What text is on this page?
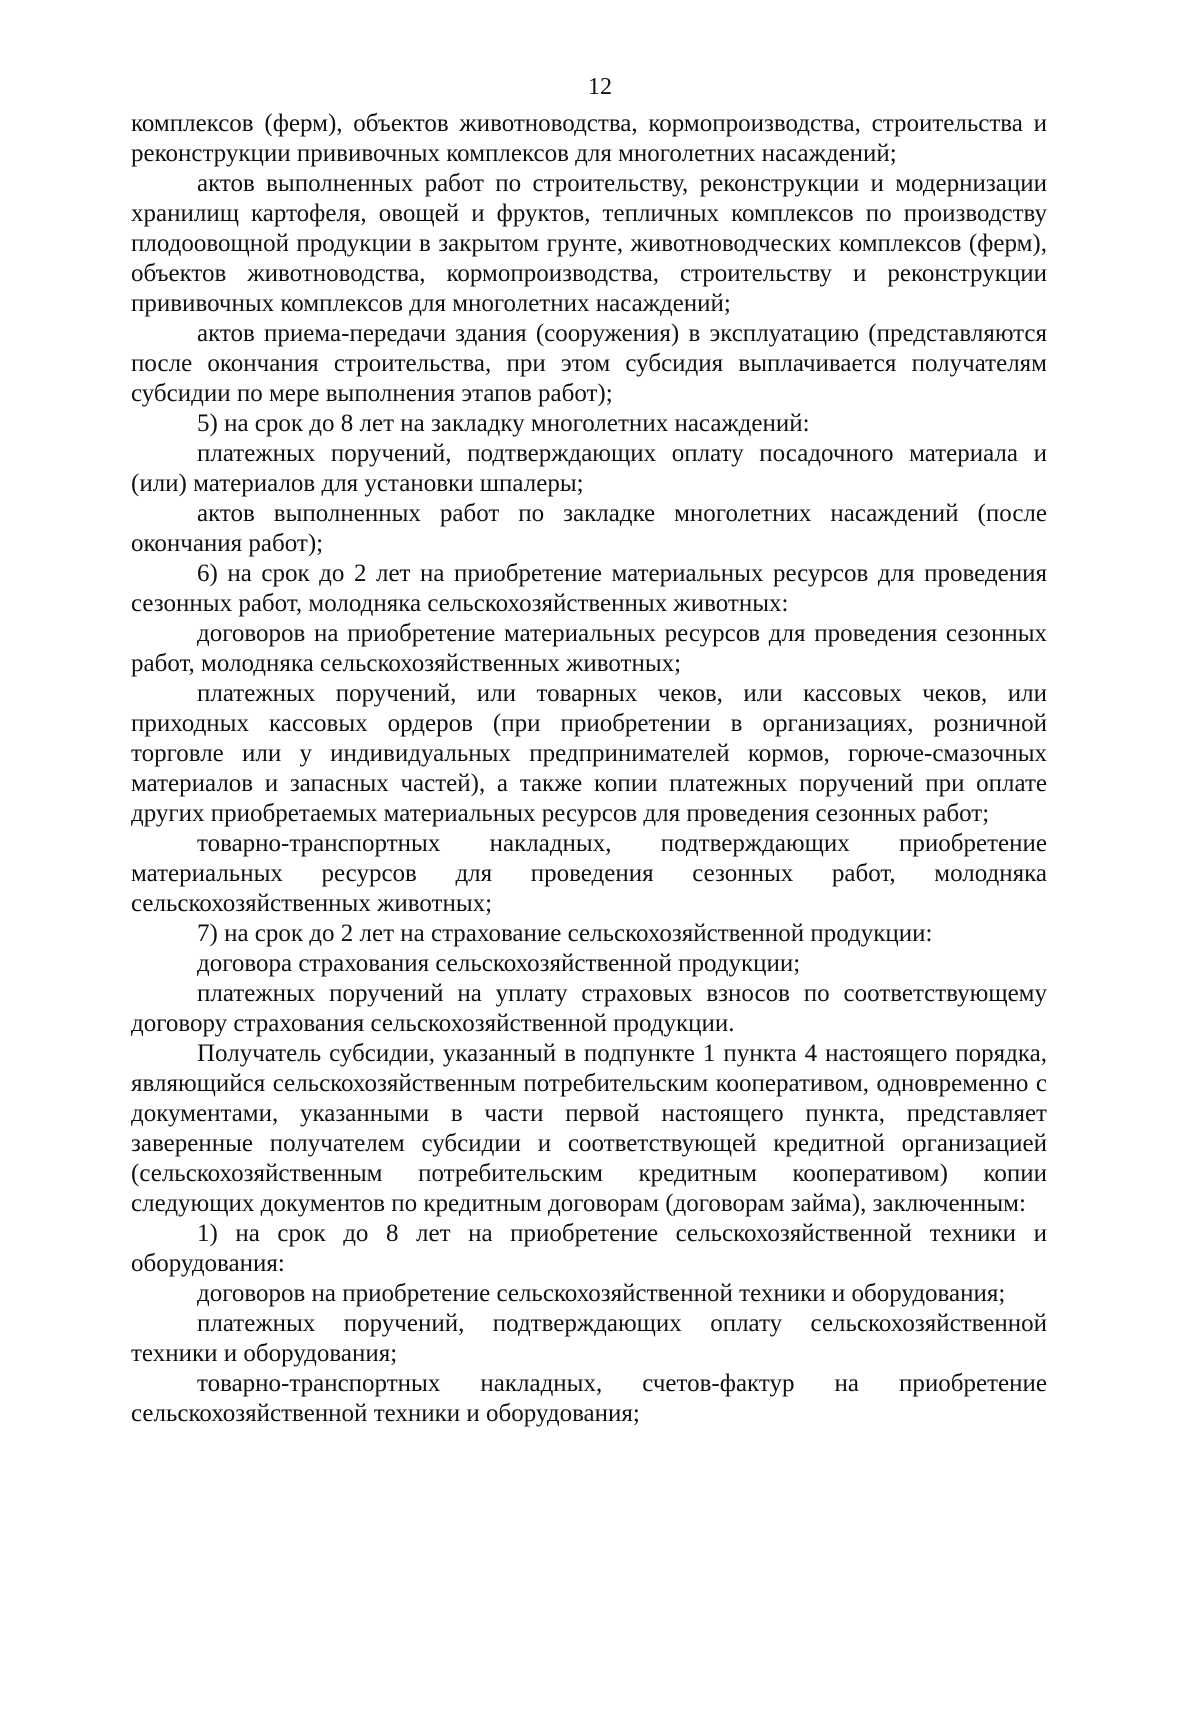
12

комплексов (ферм), объектов животноводства, кормопроизводства, строительства и реконструкции прививочных комплексов для многолетних насаждений;

актов выполненных работ по строительству, реконструкции и модернизации хранилищ картофеля, овощей и фруктов, тепличных комплексов по производству плодоовощной продукции в закрытом грунте, животноводческих комплексов (ферм), объектов животноводства, кормопроизводства, строительству и реконструкции прививочных комплексов для многолетних насаждений;

актов приема-передачи здания (сооружения) в эксплуатацию (представляются после окончания строительства, при этом субсидия выплачивается получателям субсидии по мере выполнения этапов работ);

5) на срок до 8 лет на закладку многолетних насаждений:

платежных поручений, подтверждающих оплату посадочного материала и (или) материалов для установки шпалеры;

актов выполненных работ по закладке многолетних насаждений (после окончания работ);

6) на срок до 2 лет на приобретение материальных ресурсов для проведения сезонных работ, молодняка сельскохозяйственных животных:

договоров на приобретение материальных ресурсов для проведения сезонных работ, молодняка сельскохозяйственных животных;

платежных поручений, или товарных чеков, или кассовых чеков, или приходных кассовых ордеров (при приобретении в организациях, розничной торговле или у индивидуальных предпринимателей кормов, горюче-смазочных материалов и запасных частей), а также копии платежных поручений при оплате других приобретаемых материальных ресурсов для проведения сезонных работ;

товарно-транспортных накладных, подтверждающих приобретение материальных ресурсов для проведения сезонных работ, молодняка сельскохозяйственных животных;

7) на срок до 2 лет на страхование сельскохозяйственной продукции:

договора страхования сельскохозяйственной продукции;

платежных поручений на уплату страховых взносов по соответствующему договору страхования сельскохозяйственной продукции.

Получатель субсидии, указанный в подпункте 1 пункта 4 настоящего порядка, являющийся сельскохозяйственным потребительским кооперативом, одновременно с документами, указанными в части первой настоящего пункта, представляет заверенные получателем субсидии и соответствующей кредитной организацией (сельскохозяйственным потребительским кредитным кооперативом) копии следующих документов по кредитным договорам (договорам займа), заключенным:

1) на срок до 8 лет на приобретение сельскохозяйственной техники и оборудования:

договоров на приобретение сельскохозяйственной техники и оборудования;

платежных поручений, подтверждающих оплату сельскохозяйственной техники и оборудования;

товарно-транспортных накладных, счетов-фактур на приобретение сельскохозяйственной техники и оборудования;
